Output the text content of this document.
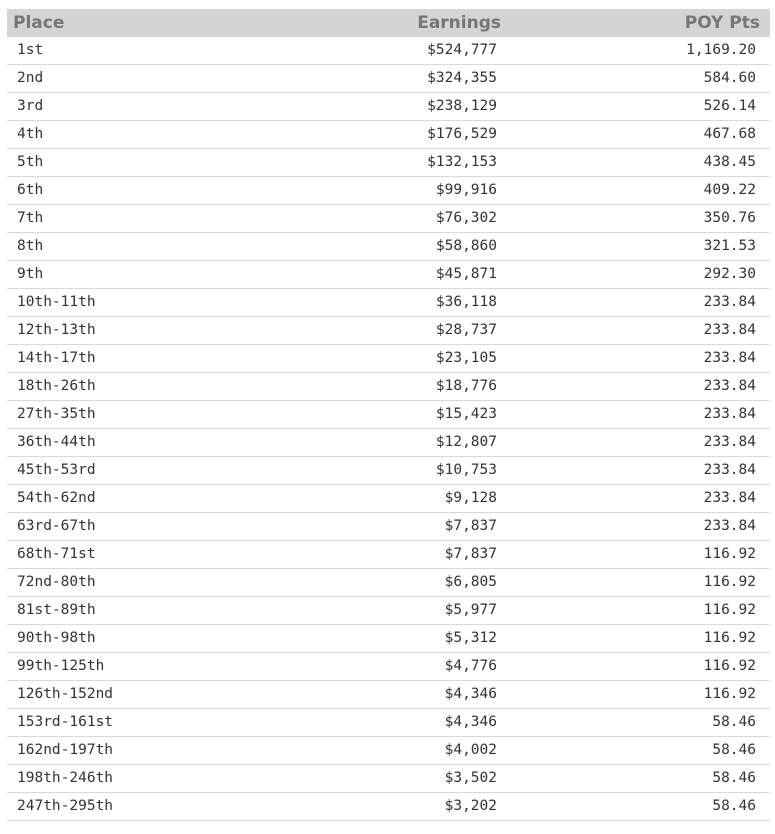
Place	Earnings	POY Pts
1st	$524,777	1,169.20
2nd	$324,355	584.60
3rd	$238,129	526.14
4th	$176,529	467.68
5th	$132,153	438.45
6th	$99,916	409.22
7th	$76,302	350.76
8th	$58,860	321.53
9th	$45,871	292.30
10th-11th	$36,118	233.84
12th-13th	$28,737	233.84
14th-17th	$23,105	233.84
18th-26th	$18,776	233.84
27th-35th	$15,423	233.84
36th-44th	$12,807	233.84
45th-53rd	$10,753	233.84
54th-62nd	$9,128	233.84
63rd-67th	$7,837	233.84
68th-71st	$7,837	116.92
72nd-80th	$6,805	116.92
81st-89th	$5,977	116.92
90th-98th	$5,312	116.92
99th-125th	$4,776	116.92
126th-152nd	$4,346	116.92
153rd-161st	$4,346	58.46
162nd-197th	$4,002	58.46
198th-246th	$3,502	58.46
247th-295th	$3,202	58.46
